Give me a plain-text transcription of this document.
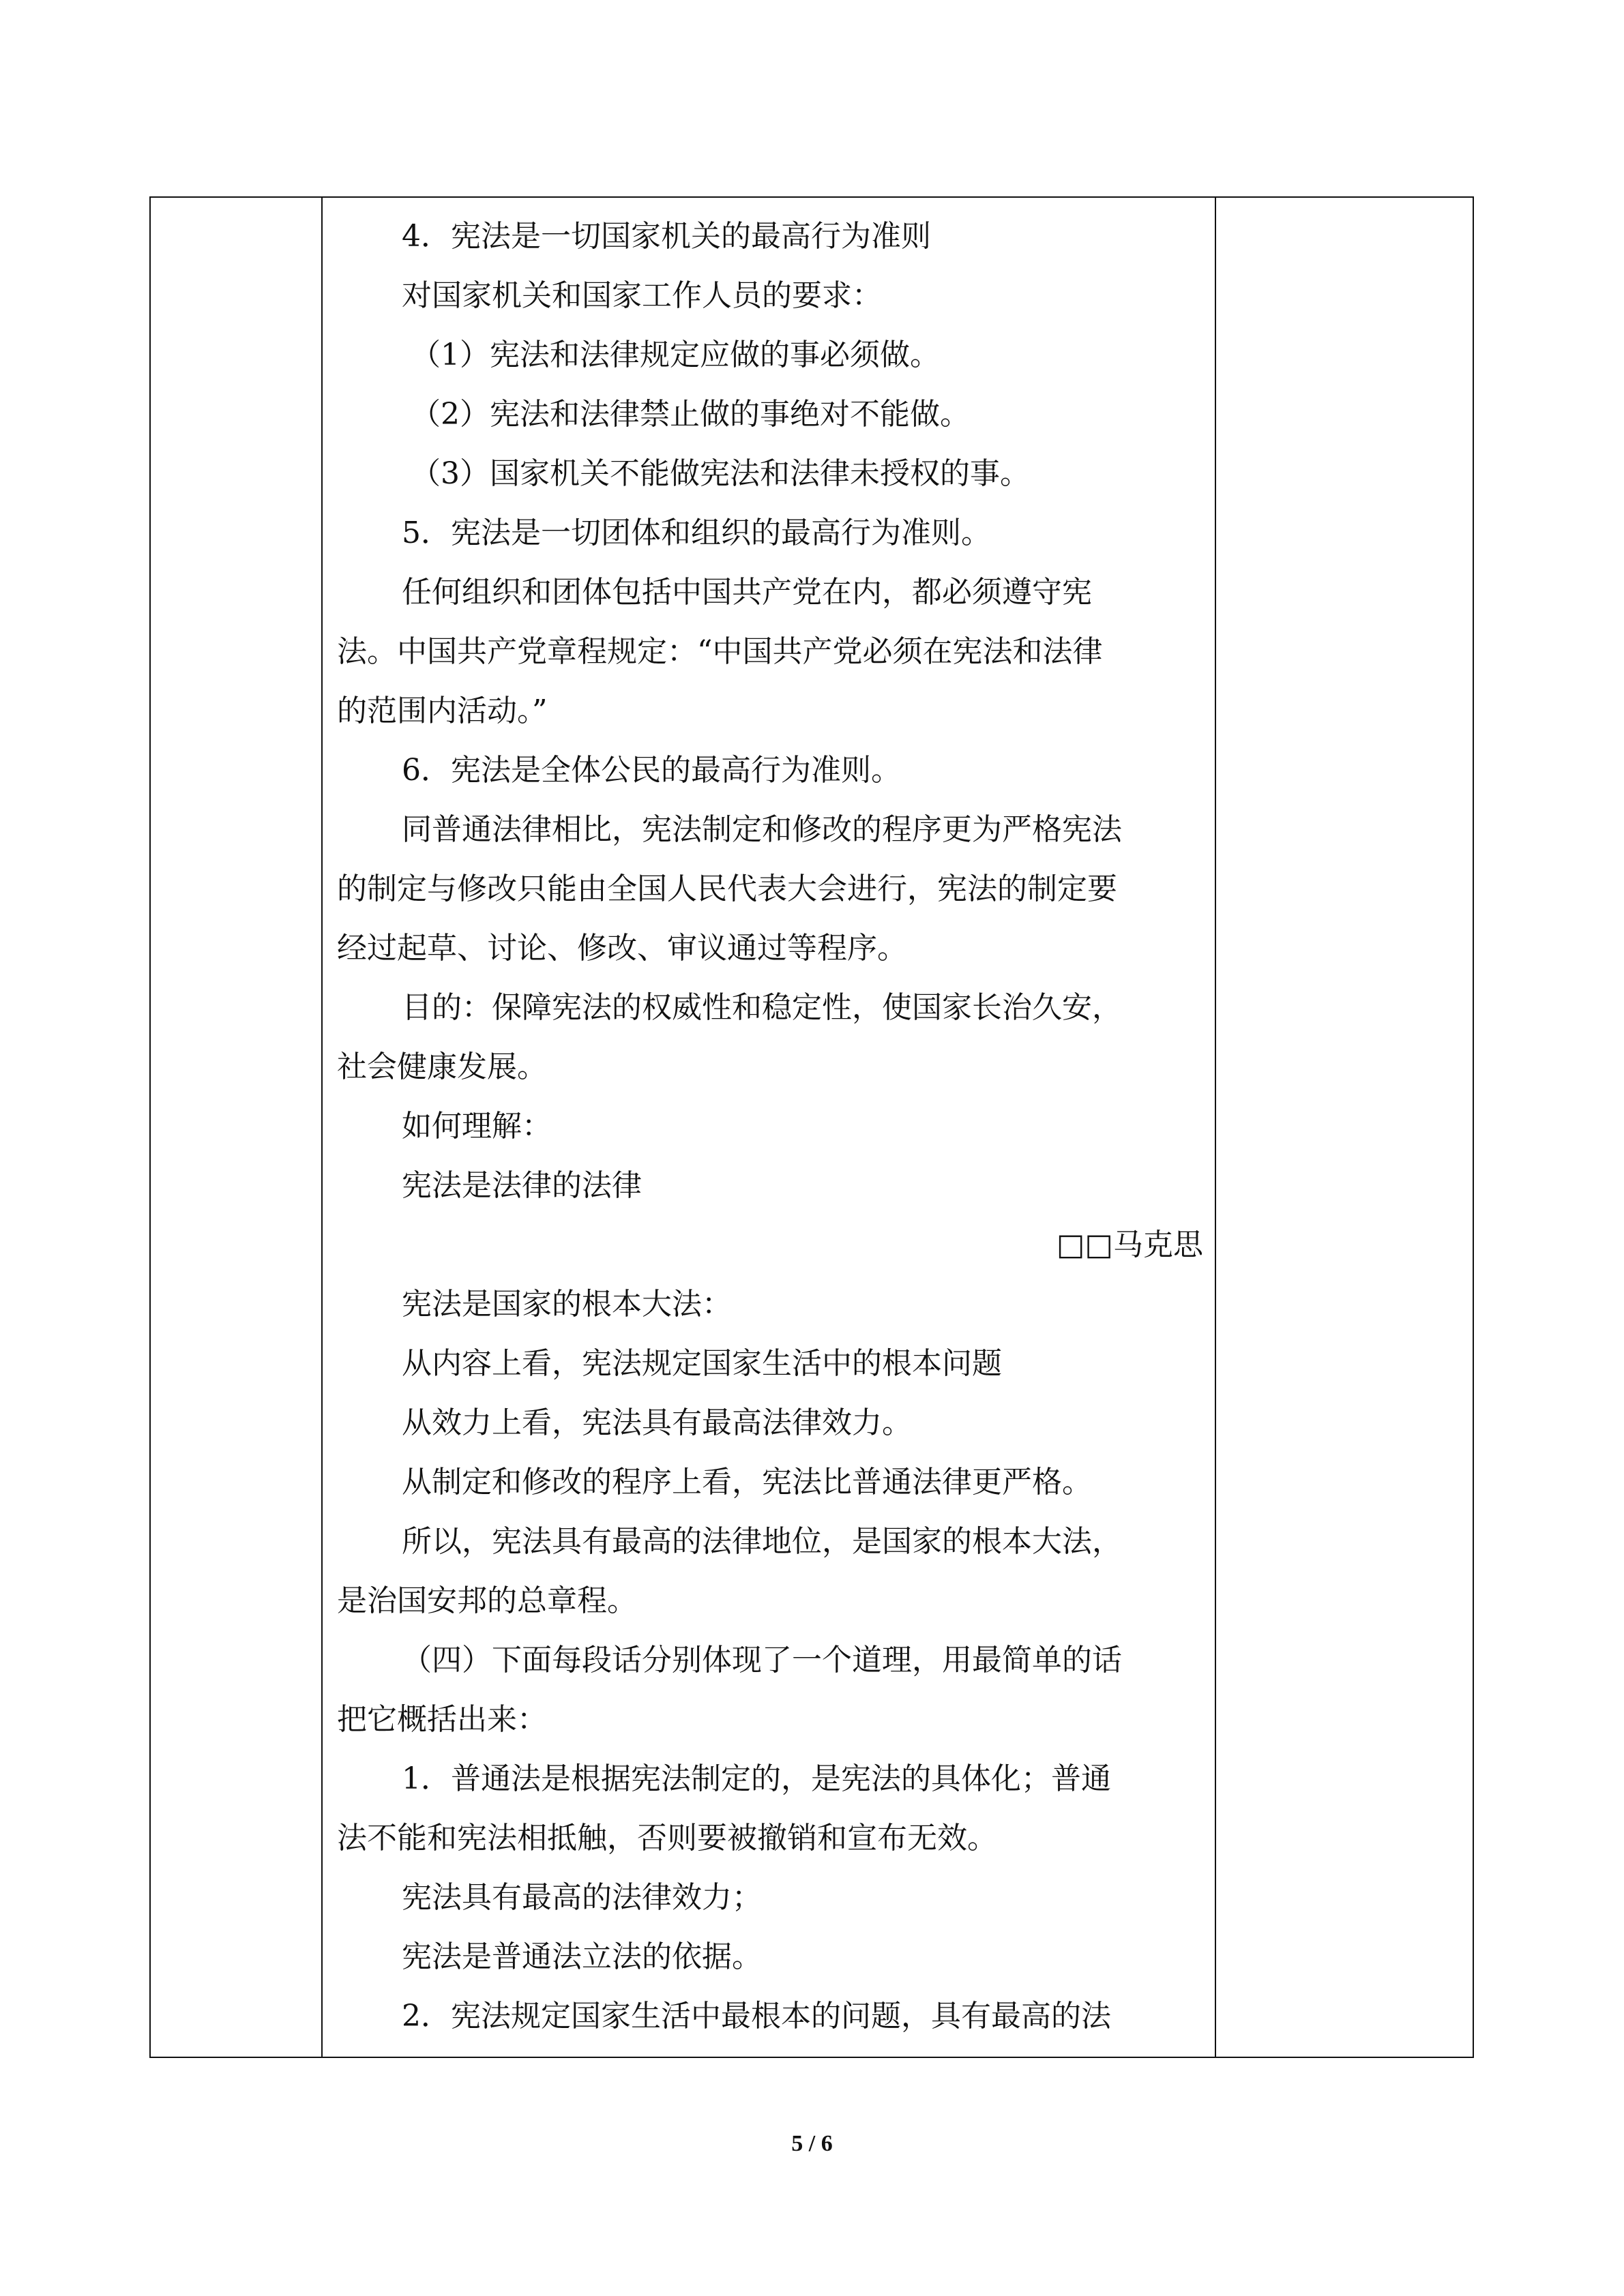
4．宪法是一切国家机关的最高行为准则
对国家机关和国家工作人员的要求：
（1）宪法和法律规定应做的事必须做。
（2）宪法和法律禁止做的事绝对不能做。
（3）国家机关不能做宪法和法律未授权的事。
5．宪法是一切团体和组织的最高行为准则。
任何组织和团体包括中国共产党在内，都必须遵守宪
法。中国共产党章程规定：“中国共产党必须在宪法和法律
的范围内活动。”
6．宪法是全体公民的最高行为准则。
同普通法律相比，宪法制定和修改的程序更为严格宪法
的制定与修改只能由全国人民代表大会进行，宪法的制定要
经过起草、讨论、修改、审议通过等程序。
目的：保障宪法的权威性和稳定性，使国家长治久安，
社会健康发展。
如何理解：
宪法是法律的法律
□□马克思
宪法是国家的根本大法：
从内容上看，宪法规定国家生活中的根本问题
从效力上看，宪法具有最高法律效力。
从制定和修改的程序上看，宪法比普通法律更严格。
所以，宪法具有最高的法律地位，是国家的根本大法，
是治国安邦的总章程。
（四）下面每段话分别体现了一个道理，用最简单的话
把它概括出来：
1．普通法是根据宪法制定的，是宪法的具体化；普通
法不能和宪法相抵触，否则要被撤销和宣布无效。
宪法具有最高的法律效力；
宪法是普通法立法的依据。
2．宪法规定国家生活中最根本的问题，具有最高的法
5 / 6
